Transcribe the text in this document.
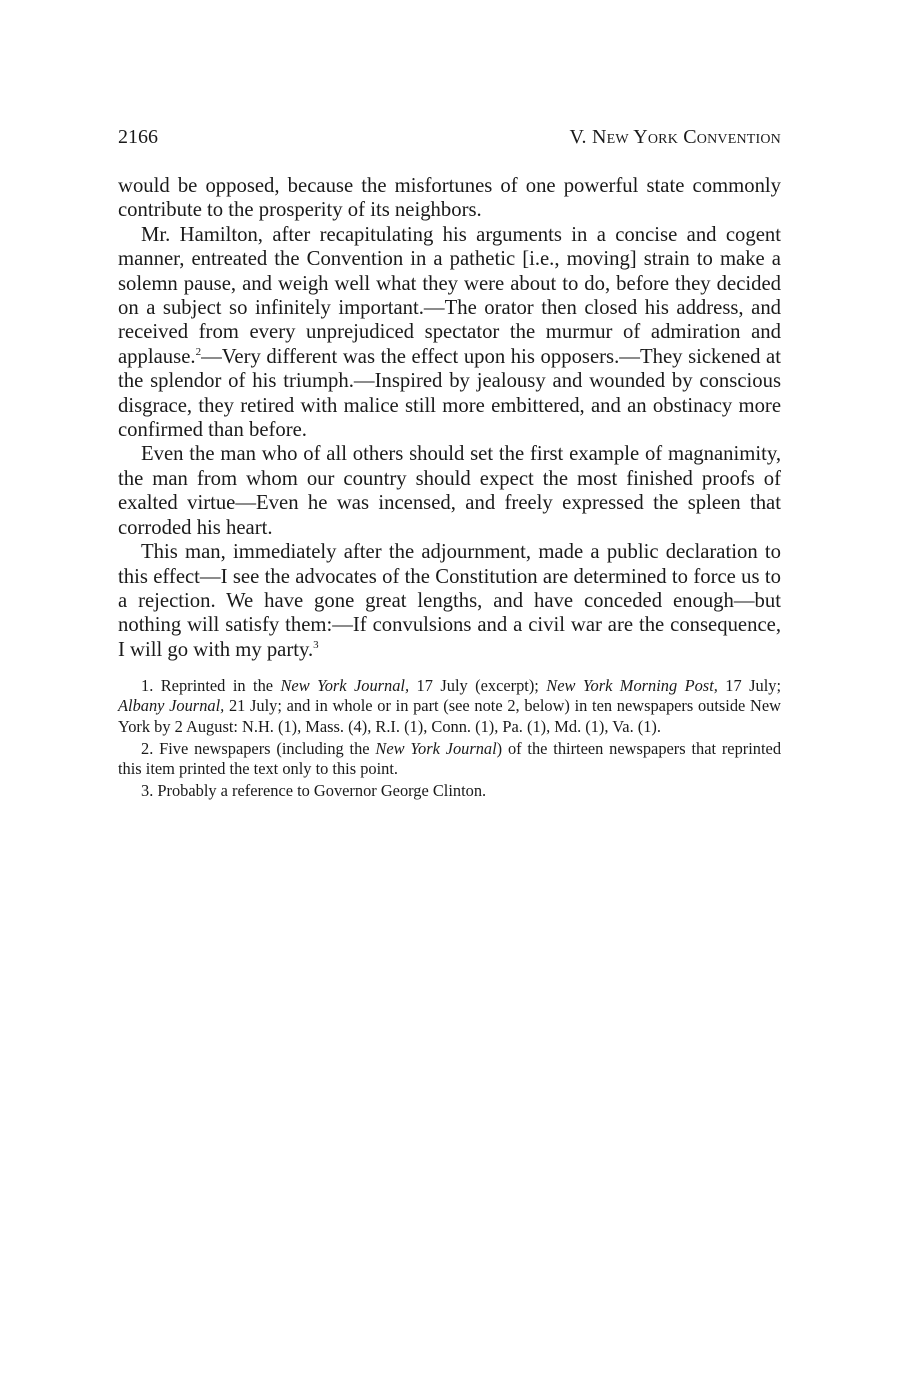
2166	V. New York Convention

would be opposed, because the misfortunes of one powerful state commonly contribute to the prosperity of its neighbors.

Mr. Hamilton, after recapitulating his arguments in a concise and cogent manner, entreated the Convention in a pathetic [i.e., moving] strain to make a solemn pause, and weigh well what they were about to do, before they decided on a subject so infinitely important.—The orator then closed his address, and received from every unprejudiced spectator the murmur of admiration and applause.$^2$—Very different was the effect upon his opposers.—They sickened at the splendor of his triumph.—Inspired by jealousy and wounded by conscious disgrace, they retired with malice still more embittered, and an obstinacy more confirmed than before.

Even the man who of all others should set the first example of magnanimity, the man from whom our country should expect the most finished proofs of exalted virtue—Even he was incensed, and freely expressed the spleen that corroded his heart.

This man, immediately after the adjournment, made a public declaration to this effect—I see the advocates of the Constitution are determined to force us to a rejection. We have gone great lengths, and have conceded enough—but nothing will satisfy them:—If convulsions and a civil war are the consequence, I will go with my party.$^3$

1. Reprinted in the New York Journal, 17 July (excerpt); New York Morning Post, 17 July; Albany Journal, 21 July; and in whole or in part (see note 2, below) in ten newspapers outside New York by 2 August: N.H. (1), Mass. (4), R.I. (1), Conn. (1), Pa. (1), Md. (1), Va. (1).

2. Five newspapers (including the New York Journal) of the thirteen newspapers that reprinted this item printed the text only to this point.

3. Probably a reference to Governor George Clinton.
